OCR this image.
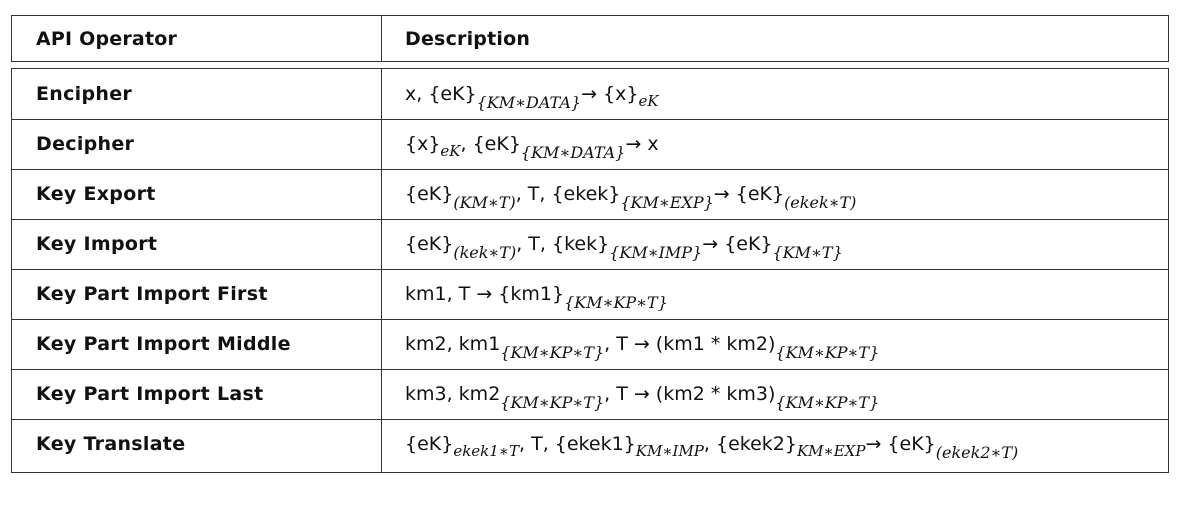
API Operator	Description
Encipher	x, {eK} {KM∗DATA} → {x} eK
Decipher	{x} eK , {eK} {KM∗DATA} → x
Key Export	{eK} (KM∗T) , T, {ekek} {KM∗EXP} → {eK} (ekek∗T)
Key Import	{eK} (kek∗T) , T, {kek} {KM∗IMP} → {eK} {KM∗T}
Key Part Import First	km1, T → {km1} {KM∗KP∗T}
Key Part Import Middle	km2, km1 {KM∗KP∗T} , T → (km1 * km2) {KM∗KP∗T}
Key Part Import Last	km3, km2 {KM∗KP∗T} , T → (km2 * km3) {KM∗KP∗T}
Key Translate	{eK} ekek1∗T , T, {ekek1} KM∗IMP , {ekek2} KM∗EXP → {eK} (ekek2∗T)
